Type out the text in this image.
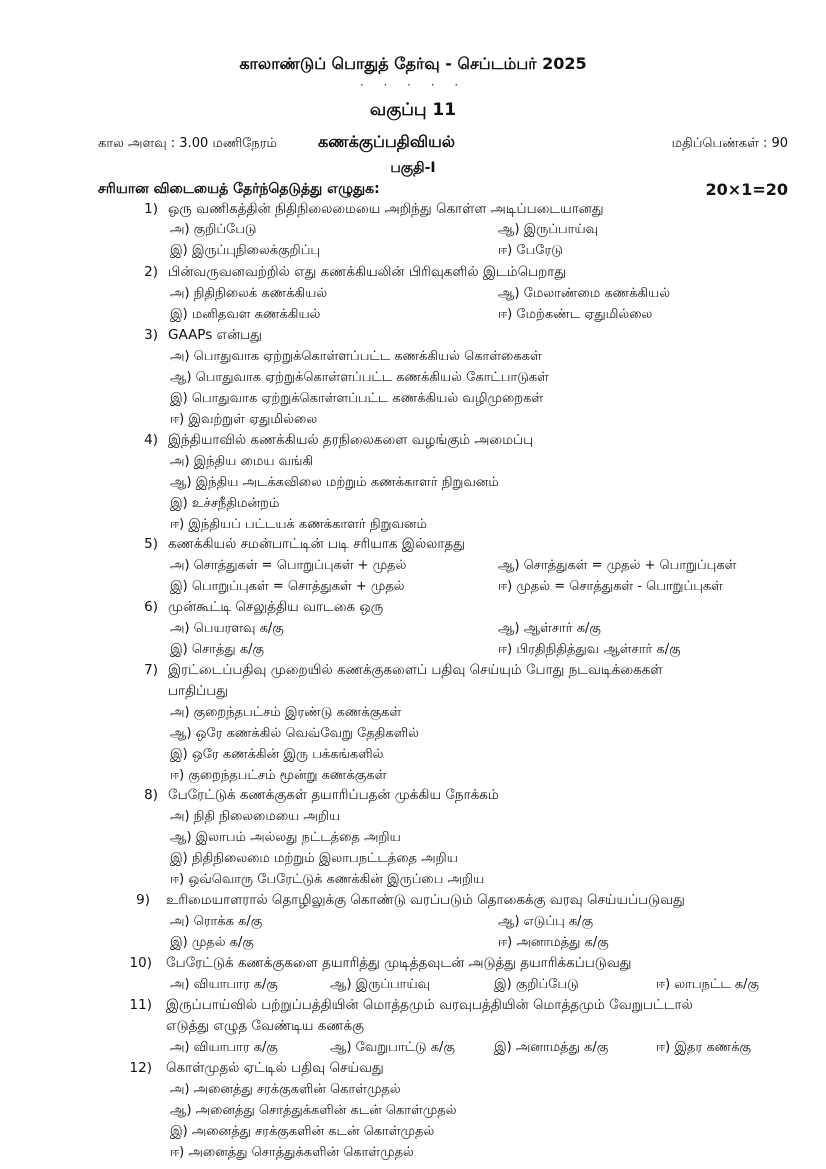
காலாண்டுப் பொதுத் தேர்வு - செப்டம்பர் 2025
· · · · ·
வகுப்பு 11
கால அளவு : 3.00 மணிநேரம்	கணக்குப்பதிவியல்	மதிப்பெண்கள் : 90
பகுதி-I
சரியான விடையைத் தேர்ந்தெடுத்து எழுதுக:	20×1=20
1) ஒரு வணிகத்தின் நிதிநிலைமையை அறிந்து கொள்ள அடிப்படையானது
அ) குறிப்பேடு	ஆ) இருப்பாய்வு
இ) இருப்புநிலைக்குறிப்பு	ஈ) பேரேடு
2) பின்வருவனவற்றில் எது கணக்கியலின் பிரிவுகளில் இடம்பெறாது
அ) நிதிநிலைக் கணக்கியல்	ஆ) மேலாண்மை கணக்கியல்
இ) மனிதவள கணக்கியல்	ஈ) மேற்கண்ட ஏதுமில்லை
3) GAAPs என்பது
அ) பொதுவாக ஏற்றுக்கொள்ளப்பட்ட கணக்கியல் கொள்கைகள்
ஆ) பொதுவாக ஏற்றுக்கொள்ளப்பட்ட கணக்கியல் கோட்பாடுகள்
இ) பொதுவாக ஏற்றுக்கொள்ளப்பட்ட கணக்கியல் வழிமுறைகள்
ஈ) இவற்றுள் ஏதுமில்லை
4) இந்தியாவில் கணக்கியல் தரநிலைகளை வழங்கும் அமைப்பு
அ) இந்திய மைய வங்கி
ஆ) இந்திய அடக்கவிலை மற்றும் கணக்காளர் நிறுவனம்
இ) உச்சநீதிமன்றம்
ஈ) இந்தியப் பட்டயக் கணக்காளர் நிறுவனம்
5) கணக்கியல் சமன்பாட்டின் படி சரியாக இல்லாதது
அ) சொத்துகள் = பொறுப்புகள் + முதல்	ஆ) சொத்துகள் = முதல் + பொறுப்புகள்
இ) பொறுப்புகள் = சொத்துகள் + முதல்	ஈ) முதல் = சொத்துகள் - பொறுப்புகள்
6) முன்கூட்டி செலுத்திய வாடகை ஒரு
அ) பெயரளவு க/கு	ஆ) ஆள்சார் க/கு
இ) சொத்து க/கு	ஈ) பிரதிநிதித்துவ ஆள்சார் க/கு
7) இரட்டைப்பதிவு முறையில் கணக்குகளைப் பதிவு செய்யும் போது நடவடிக்கைகள்
பாதிப்பது
அ) குறைந்தபட்சம் இரண்டு கணக்குகள்
ஆ) ஒரே கணக்கில் வெவ்வேறு தேதிகளில்
இ) ஒரே கணக்கின் இரு பக்கங்களில்
ஈ) குறைந்தபட்சம் மூன்று கணக்குகள்
8) பேரேட்டுக் கணக்குகள் தயாரிப்பதன் முக்கிய நோக்கம்
அ) நிதி நிலைமையை அறிய
ஆ) இலாபம் அல்லது நட்டத்தை அறிய
இ) நிதிநிலைமை மற்றும் இலாபநட்டத்தை அறிய
ஈ) ஒவ்வொரு பேரேட்டுக் கணக்கின் இருப்பை அறிய
9) உரிமையாளரால் தொழிலுக்கு கொண்டு வரப்படும் தொகைக்கு வரவு செய்யப்படுவது
அ) ரொக்க க/கு	ஆ) எடுப்பு க/கு
இ) முதல் க/கு	ஈ) அனாமத்து க/கு
10) பேரேட்டுக் கணக்குகளை தயாரித்து முடித்தவுடன் அடுத்து தயாரிக்கப்படுவது
அ) வியாபார க/கு	ஆ) இருப்பாய்வு	இ) குறிப்பேடு	ஈ) லாபநட்ட க/கு
11) இருப்பாய்வில் பற்றுப்பத்தியின் மொத்தமும் வரவுபத்தியின் மொத்தமும் வேறுபட்டால்
எடுத்து எழுத வேண்டிய கணக்கு
அ) வியாபார க/கு	ஆ) வேறுபாட்டு க/கு	இ) அனாமத்து க/கு	ஈ) இதர கணக்கு
12) கொள்முதல் ஏட்டில் பதிவு செய்வது
அ) அனைத்து சரக்குகளின் கொள்முதல்
ஆ) அனைத்து சொத்துக்களின் கடன் கொள்முதல்
இ) அனைத்து சரக்குகளின் கடன் கொள்முதல்
ஈ) அனைத்து சொத்துக்களின் கொள்முதல்
